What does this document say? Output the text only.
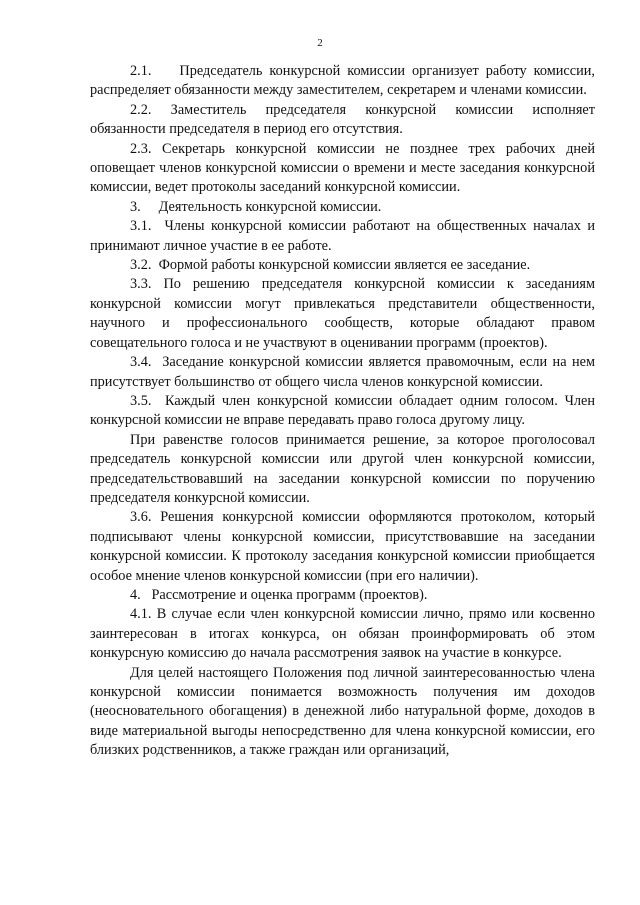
2

2.1.    Председатель конкурсной комиссии организует работу комиссии, распределяет обязанности между заместителем, секретарем и членами комиссии.

2.2. Заместитель председателя конкурсной комиссии исполняет обязанности председателя в период его отсутствия.

2.3. Секретарь конкурсной комиссии не позднее трех рабочих дней оповещает членов конкурсной комиссии о времени и месте заседания конкурсной комиссии, ведет протоколы заседаний конкурсной комиссии.

3.     Деятельность конкурсной комиссии.

3.1.  Члены конкурсной комиссии работают на общественных началах и принимают личное участие в ее работе.

3.2.  Формой работы конкурсной комиссии является ее заседание.

3.3. По решению председателя конкурсной комиссии к заседаниям конкурсной комиссии могут привлекаться представители общественности, научного и профессионального сообществ, которые обладают правом совещательного голоса и не участвуют в оценивании программ (проектов).

3.4.  Заседание конкурсной комиссии является правомочным, если на нем присутствует большинство от общего числа членов конкурсной комиссии.

3.5.  Каждый член конкурсной комиссии обладает одним голосом. Член конкурсной комиссии не вправе передавать право голоса другому лицу.

При равенстве голосов принимается решение, за которое проголосовал председатель конкурсной комиссии или другой член конкурсной комиссии, председательствовавший на заседании конкурсной комиссии по поручению председателя конкурсной комиссии.

3.6. Решения конкурсной комиссии оформляются протоколом, который подписывают члены конкурсной комиссии, присутствовавшие на заседании конкурсной комиссии. К протоколу заседания конкурсной комиссии приобщается особое мнение членов конкурсной комиссии (при его наличии).

4.   Рассмотрение и оценка программ (проектов).

4.1. В случае если член конкурсной комиссии лично, прямо или косвенно заинтересован в итогах конкурса, он обязан проинформировать об этом конкурсную комиссию до начала рассмотрения заявок на участие в конкурсе.

Для целей настоящего Положения под личной заинтересованностью члена конкурсной комиссии понимается возможность получения им доходов (неосновательного обогащения) в денежной либо натуральной форме, доходов в виде материальной выгоды непосредственно для члена конкурсной комиссии, его близких родственников, а также граждан или организаций,
